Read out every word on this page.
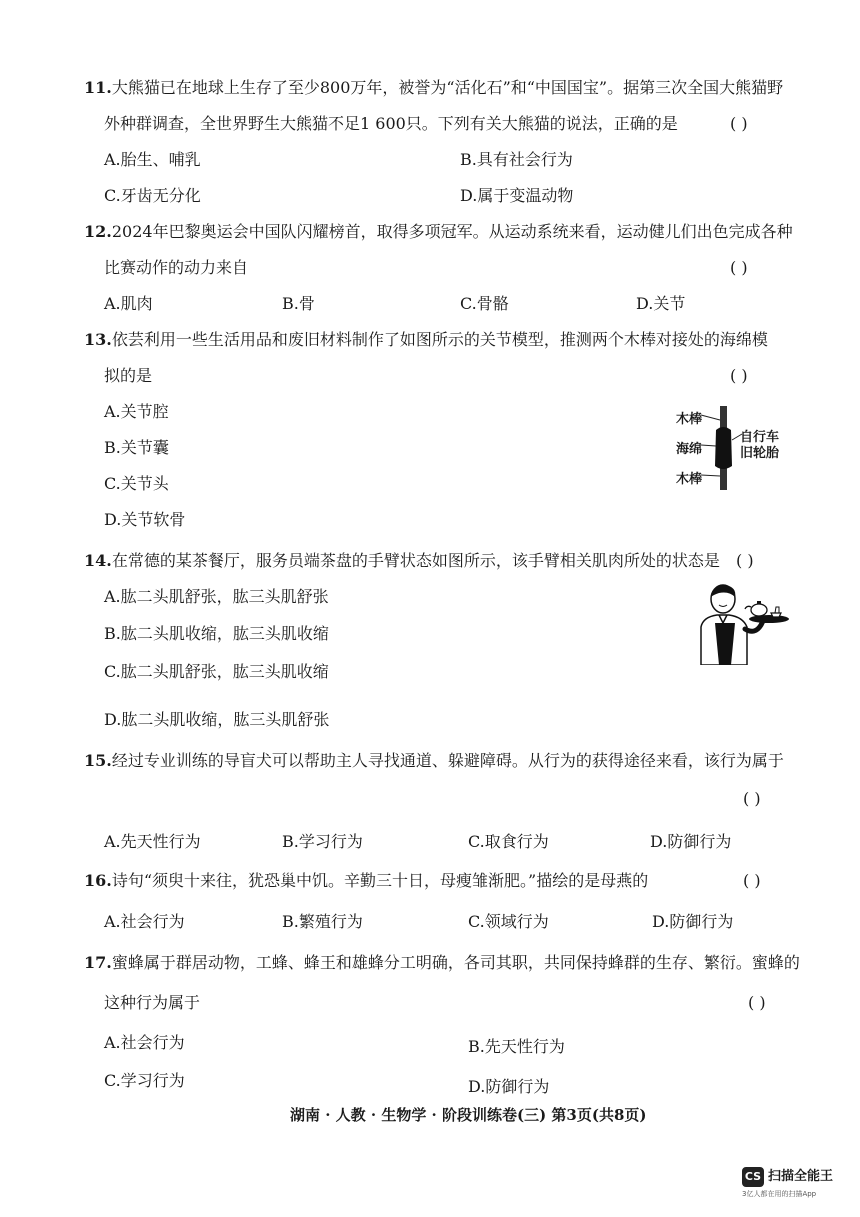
11.大熊猫已在地球上生存了至少800万年，被誉为“活化石”和“中国国宝”。据第三次全国大熊猫野
外种群调查，全世界野生大熊猫不足1 600只。下列有关大熊猫的说法，正确的是	( )
A.胎生、哺乳	B.具有社会行为
C.牙齿无分化	D.属于变温动物
12.2024年巴黎奥运会中国队闪耀榜首，取得多项冠军。从运动系统来看，运动健儿们出色完成各种
比赛动作的动力来自	( )
A.肌肉	B.骨	C.骨骼	D.关节
13.依芸利用一些生活用品和废旧材料制作了如图所示的关节模型，推测两个木棒对接处的海绵模
拟的是	( )
A.关节腔
B.关节囊
C.关节头
D.关节软骨
木棒
海绵
木棒
自行车
旧轮胎
14.在常德的某茶餐厅，服务员端茶盘的手臂状态如图所示，该手臂相关肌肉所处的状态是 ( )
A.肱二头肌舒张，肱三头肌舒张
B.肱二头肌收缩，肱三头肌收缩
C.肱二头肌舒张，肱三头肌收缩
D.肱二头肌收缩，肱三头肌舒张
15.经过专业训练的导盲犬可以帮助主人寻找通道、躲避障碍。从行为的获得途径来看，该行为属于
( )
A.先天性行为	B.学习行为	C.取食行为	D.防御行为
16.诗句“须臾十来往，犹恐巢中饥。辛勤三十日，母瘦雏渐肥。”描绘的是母燕的	( )
A.社会行为	B.繁殖行为	C.领域行为	D.防御行为
17.蜜蜂属于群居动物，工蜂、蜂王和雄蜂分工明确，各司其职，共同保持蜂群的生存、繁衍。蜜蜂的
这种行为属于	( )
A.社会行为	B.先天性行为
C.学习行为	D.防御行为
湖南 · 人教 · 生物学 · 阶段训练卷(三) 第3页(共8页)
CS 扫描全能王
3亿人都在用的扫描App
